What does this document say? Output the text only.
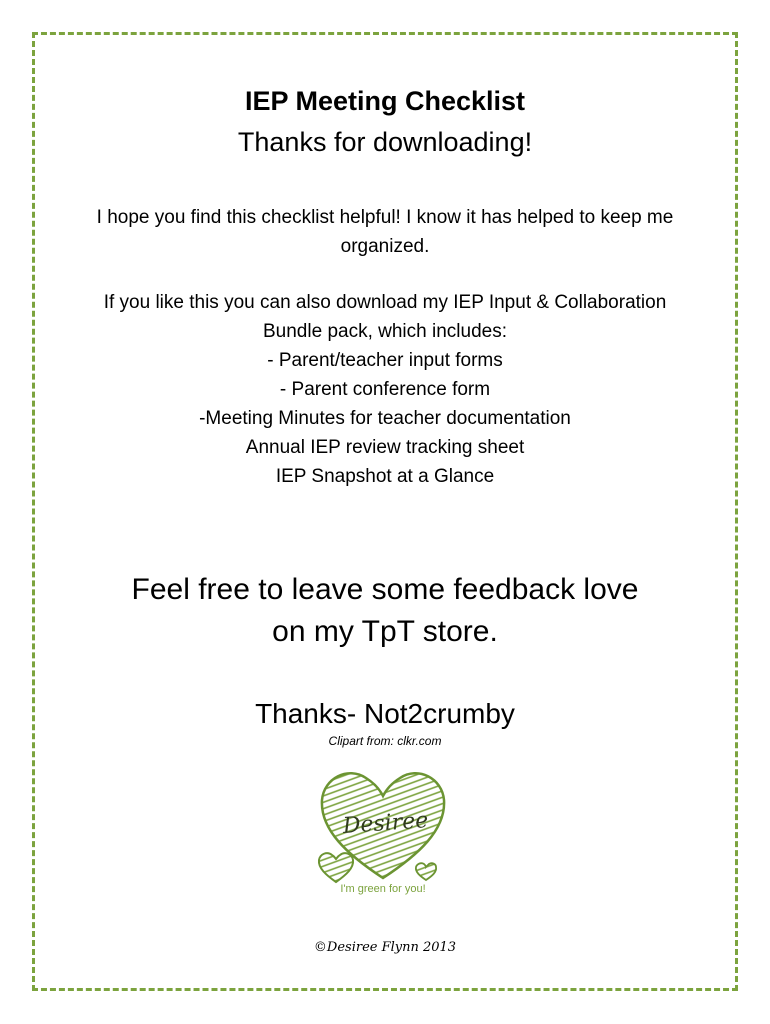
IEP Meeting Checklist
Thanks for downloading!
I hope you find this checklist helpful! I know it has helped to keep me
organized.
If you like this you can also download my IEP Input & Collaboration
Bundle pack, which includes:
- Parent/teacher input forms
- Parent conference form
-Meeting Minutes for teacher documentation
Annual IEP review tracking sheet
IEP Snapshot at a Glance
Feel free to leave some feedback love
on my TpT store.
Thanks- Not2crumby
Clipart from: clkr.com
Desiree
I'm green for you!
©Desiree Flynn 2013
